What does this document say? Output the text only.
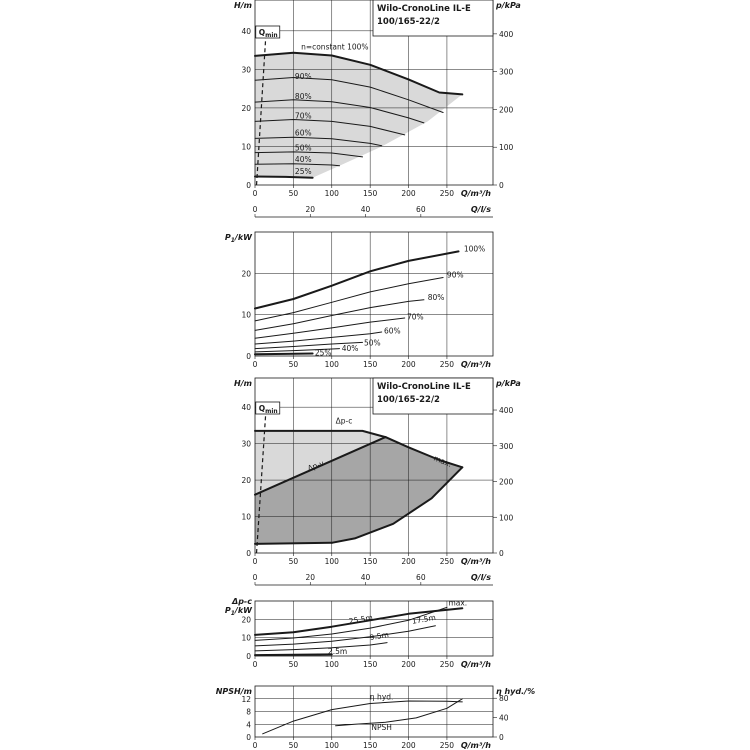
0
10
20
30
40
0	50	100	150	200	250 Q/m³/h
H/m
0
100
200
300
400
p/kPa
0	20	40	60	Q/l/s
Wilo-CronoLine IL-E
100/165-22/2
$Q_{min}$
n=constant 100%
90%
80%
70%
60%
50%
40%
25%
0
10
20
0	50	100	150	200	250 Q/m³/h
$P_1/kW$
100%
90%
80%
70%
60%
50%
40%
25%
0
10
20
30
40
0	50	100	150	200	250 Q/m³/h
H/m
0
100
200
300
400
p/kPa
0	20	40	60	Q/l/s
Wilo-CronoLine IL-E
100/165-22/2
$Q_{min}$
Δp-c
Δp-v	max.
0
10
20
0	50	100	150	200	250 Q/m³/h
Δp-c
$P_1/kW$
max.
25.5m	17.5m
9.5m
2.5m
0
4
8
12
0	50	100	150	200	250 Q/m³/h
NPSH/m
0
40
80
η hyd./%
η hyd.
NPSH
